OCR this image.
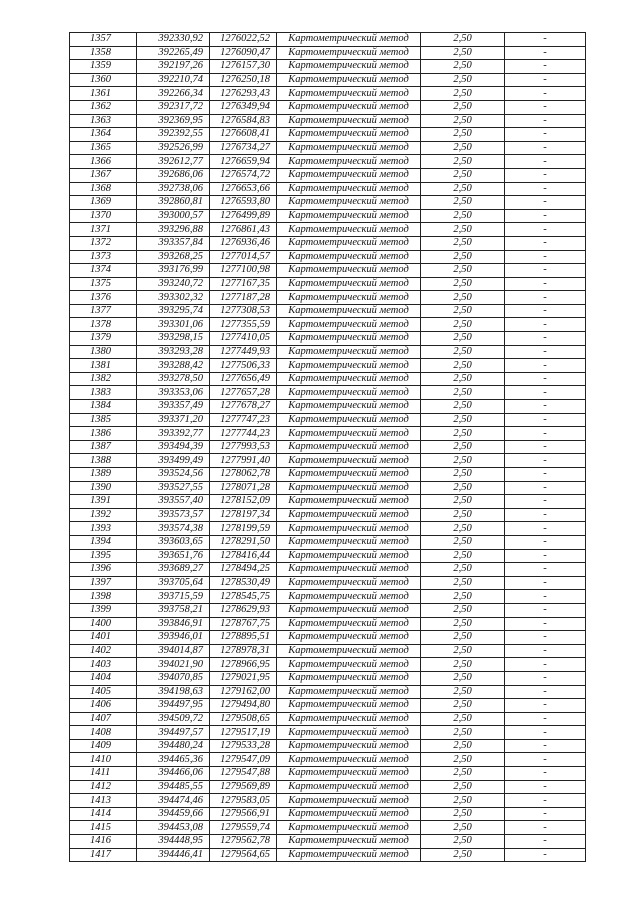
1357	392330,92	1276022,52	Картометрический метод	2,50	-
1358	392265,49	1276090,47	Картометрический метод	2,50	-
1359	392197,26	1276157,30	Картометрический метод	2,50	-
1360	392210,74	1276250,18	Картометрический метод	2,50	-
1361	392266,34	1276293,43	Картометрический метод	2,50	-
1362	392317,72	1276349,94	Картометрический метод	2,50	-
1363	392369,95	1276584,83	Картометрический метод	2,50	-
1364	392392,55	1276608,41	Картометрический метод	2,50	-
1365	392526,99	1276734,27	Картометрический метод	2,50	-
1366	392612,77	1276659,94	Картометрический метод	2,50	-
1367	392686,06	1276574,72	Картометрический метод	2,50	-
1368	392738,06	1276653,66	Картометрический метод	2,50	-
1369	392860,81	1276593,80	Картометрический метод	2,50	-
1370	393000,57	1276499,89	Картометрический метод	2,50	-
1371	393296,88	1276861,43	Картометрический метод	2,50	-
1372	393357,84	1276936,46	Картометрический метод	2,50	-
1373	393268,25	1277014,57	Картометрический метод	2,50	-
1374	393176,99	1277100,98	Картометрический метод	2,50	-
1375	393240,72	1277167,35	Картометрический метод	2,50	-
1376	393302,32	1277187,28	Картометрический метод	2,50	-
1377	393295,74	1277308,53	Картометрический метод	2,50	-
1378	393301,06	1277355,59	Картометрический метод	2,50	-
1379	393298,15	1277410,05	Картометрический метод	2,50	-
1380	393293,28	1277449,93	Картометрический метод	2,50	-
1381	393288,42	1277506,33	Картометрический метод	2,50	-
1382	393278,50	1277656,49	Картометрический метод	2,50	-
1383	393353,06	1277657,28	Картометрический метод	2,50	-
1384	393357,49	1277678,27	Картометрический метод	2,50	-
1385	393371,20	1277747,23	Картометрический метод	2,50	-
1386	393392,77	1277744,23	Картометрический метод	2,50	-
1387	393494,39	1277993,53	Картометрический метод	2,50	-
1388	393499,49	1277991,40	Картометрический метод	2,50	-
1389	393524,56	1278062,78	Картометрический метод	2,50	-
1390	393527,55	1278071,28	Картометрический метод	2,50	-
1391	393557,40	1278152,09	Картометрический метод	2,50	-
1392	393573,57	1278197,34	Картометрический метод	2,50	-
1393	393574,38	1278199,59	Картометрический метод	2,50	-
1394	393603,65	1278291,50	Картометрический метод	2,50	-
1395	393651,76	1278416,44	Картометрический метод	2,50	-
1396	393689,27	1278494,25	Картометрический метод	2,50	-
1397	393705,64	1278530,49	Картометрический метод	2,50	-
1398	393715,59	1278545,75	Картометрический метод	2,50	-
1399	393758,21	1278629,93	Картометрический метод	2,50	-
1400	393846,91	1278767,75	Картометрический метод	2,50	-
1401	393946,01	1278895,51	Картометрический метод	2,50	-
1402	394014,87	1278978,31	Картометрический метод	2,50	-
1403	394021,90	1278966,95	Картометрический метод	2,50	-
1404	394070,85	1279021,95	Картометрический метод	2,50	-
1405	394198,63	1279162,00	Картометрический метод	2,50	-
1406	394497,95	1279494,80	Картометрический метод	2,50	-
1407	394509,72	1279508,65	Картометрический метод	2,50	-
1408	394497,57	1279517,19	Картометрический метод	2,50	-
1409	394480,24	1279533,28	Картометрический метод	2,50	-
1410	394465,36	1279547,09	Картометрический метод	2,50	-
1411	394466,06	1279547,88	Картометрический метод	2,50	-
1412	394485,55	1279569,89	Картометрический метод	2,50	-
1413	394474,46	1279583,05	Картометрический метод	2,50	-
1414	394459,66	1279566,91	Картометрический метод	2,50	-
1415	394453,08	1279559,74	Картометрический метод	2,50	-
1416	394448,95	1279562,78	Картометрический метод	2,50	-
1417	394446,41	1279564,65	Картометрический метод	2,50	-
